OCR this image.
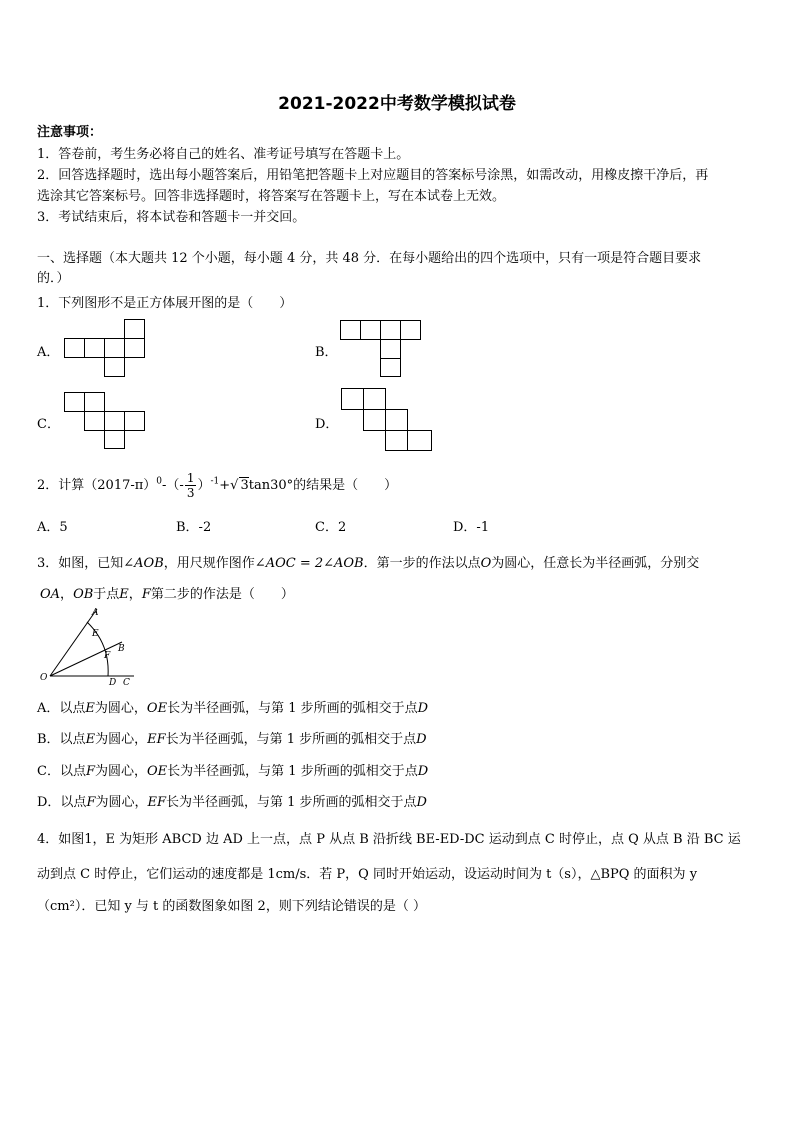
2021-2022中考数学模拟试卷
注意事项：
1．答卷前，考生务必将自己的姓名、准考证号填写在答题卡上。
2．回答选择题时，选出每小题答案后，用铅笔把答题卡上对应题目的答案标号涂黑，如需改动，用橡皮擦干净后，再
选涂其它答案标号。回答非选择题时，将答案写在答题卡上，写在本试卷上无效。
3．考试结束后，将本试卷和答题卡一并交回。
一、选择题（本大题共 12 个小题，每小题 4 分，共 48 分．在每小题给出的四个选项中，只有一项是符合题目要求
的．）
1．下列图形不是正方体展开图的是（　　）
A．	B．
C．	D．
2．计算$(2017-\pi)^0-(- \frac{1}{3} )^{-1}+√$ 3tan30°的结果是（　　）
A．5	B．-2	C．2	D．-1
3．如图，已知∠AOB，用尺规作图作∠AOC = 2∠AOB．第一步的作法以点O为圆心，任意长为半径画弧，分别交
OA，OB于点E，F第二步的作法是（　　）
A
E
B
F
O	D C
A．以点E为圆心，OE长为半径画弧，与第 1 步所画的弧相交于点D
B．以点E为圆心，EF长为半径画弧，与第 1 步所画的弧相交于点D
C．以点F为圆心，OE长为半径画弧，与第 1 步所画的弧相交于点D
D．以点F为圆心，EF长为半径画弧，与第 1 步所画的弧相交于点D
4．如图1，E 为矩形 ABCD 边 AD 上一点，点 P 从点 B 沿折线 BE-ED-DC 运动到点 C 时停止，点 Q 从点 B 沿 BC 运
动到点 C 时停止，它们运动的速度都是 1cm/s．若 P，Q 同时开始运动，设运动时间为 t（s），△BPQ 的面积为 y
（cm²）．已知 y 与 t 的函数图象如图 2，则下列结论错误的是（ ）
